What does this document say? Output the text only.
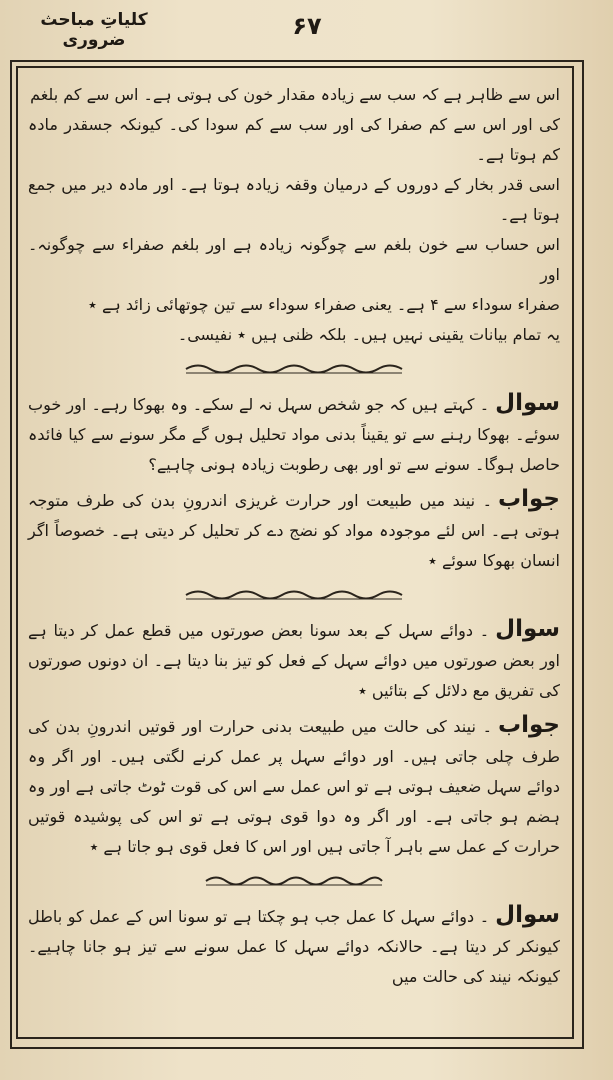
کلیاتِ مباحث ضروری	۶۷

اس سے ظاہر ہے کہ سب سے زیادہ مقدار خون کی ہوتی ہے۔ اس سے کم بلغم

کی اور اس سے کم صفرا کی اور سب سے کم سودا کی۔ کیونکہ جسقدر مادہ کم ہوتا ہے۔

اسی قدر بخار کے دوروں کے درمیان وقفہ زیادہ ہوتا ہے۔ اور مادہ دیر میں جمع ہوتا ہے۔

اس حساب سے خون بلغم سے چوگونہ زیادہ ہے اور بلغم صفراء سے چوگونہ۔ اور

صفراء سوداء سے ۴ ہے۔ یعنی صفراء سوداء سے تین چوتھائی زائد ہے ٭

یہ تمام بیانات یقینی نہیں ہیں۔ بلکہ ظنی ہیں ٭ نفیسی۔

سوال۔ کہتے ہیں کہ جو شخص سہل نہ لے سکے۔ وہ بھوکا رہے۔ اور خوب سوئے۔ بھوکا رہنے سے تو یقیناً بدنی مواد تحلیل ہوں گے مگر سونے سے کیا فائدہ حاصل ہوگا۔ سونے سے تو اور بھی رطوبت زیادہ ہونی چاہیے؟

جواب۔ نیند میں طبیعت اور حرارت غریزی اندرونِ بدن کی طرف متوجہ ہوتی ہے۔ اس لئے موجودہ مواد کو نضج دے کر تحلیل کر دیتی ہے۔ خصوصاً اگر انسان بھوکا سوئے ٭

سوال۔ دوائے سہل کے بعد سونا بعض صورتوں میں قطع عمل کر دیتا ہے اور بعض صورتوں میں دوائے سہل کے فعل کو تیز بنا دیتا ہے۔ ان دونوں صورتوں کی تفریق مع دلائل کے بتائیں ٭

جواب۔ نیند کی حالت میں طبیعت بدنی حرارت اور قوتیں اندرونِ بدن کی طرف چلی جاتی ہیں۔ اور دوائے سہل پر عمل کرنے لگتی ہیں۔ اور اگر وہ دوائے سہل ضعیف ہوتی ہے تو اس عمل سے اس کی قوت ٹوٹ جاتی ہے اور وہ ہضم ہو جاتی ہے۔ اور اگر وہ دوا قوی ہوتی ہے تو اس کی پوشیدہ قوتیں حرارت کے عمل سے باہر آ جاتی ہیں اور اس کا فعل قوی ہو جاتا ہے ٭

سوال۔ دوائے سہل کا عمل جب ہو چکتا ہے تو سونا اس کے عمل کو باطل کیونکر کر دیتا ہے۔ حالانکہ دوائے سہل کا عمل سونے سے تیز ہو جانا چاہیے۔ کیونکہ نیند کی حالت میں
